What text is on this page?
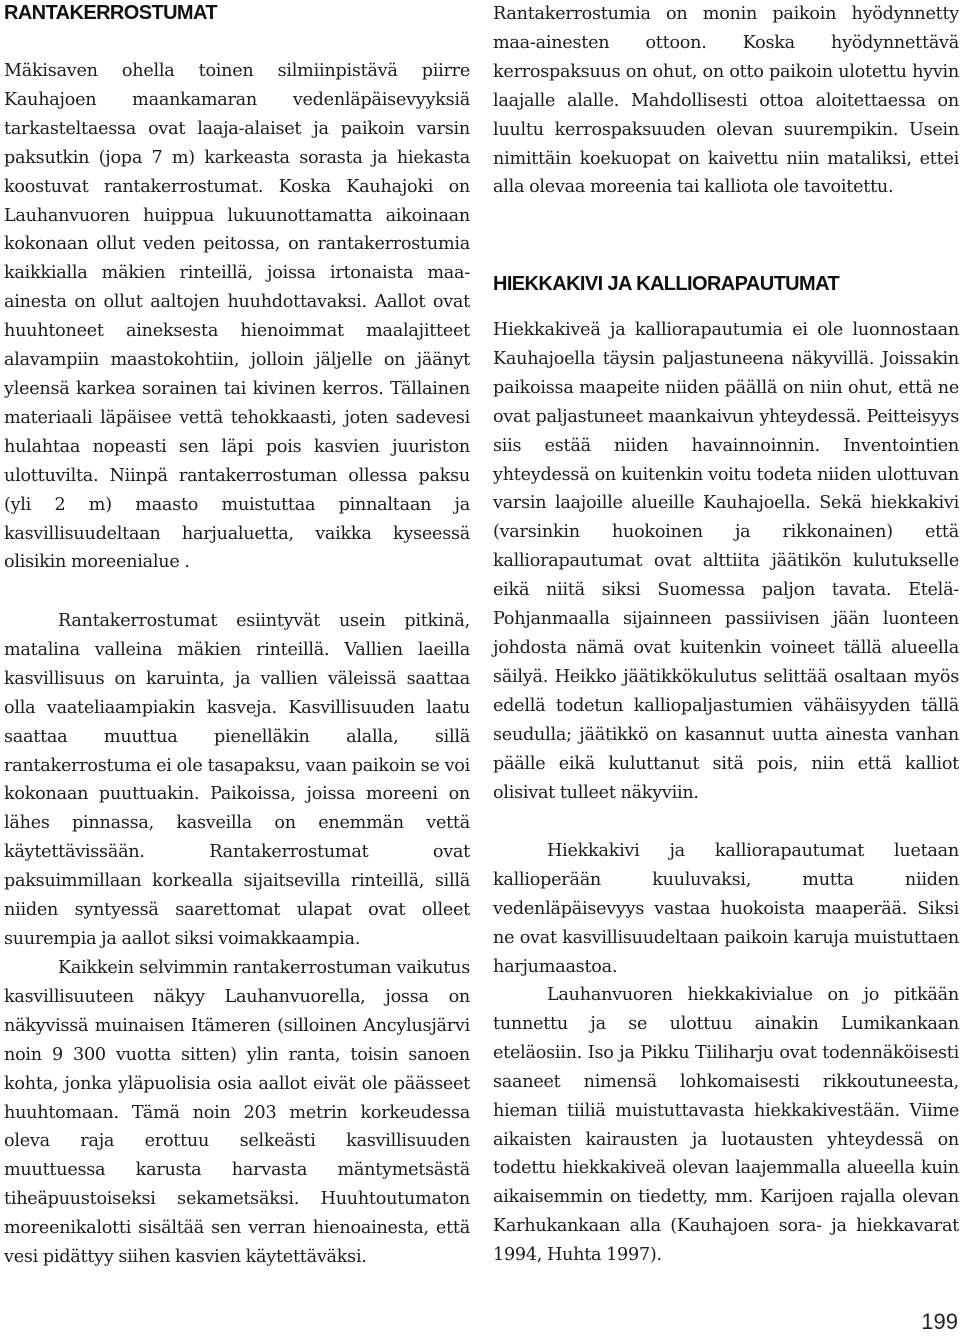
RANTAKERROSTUMAT

Mäkisaven ohella toinen silmiinpistävä piirre Kauhajoen maankamaran vedenläpäisevyyksiä tarkasteltaessa ovat laaja-alaiset ja paikoin varsin paksutkin (jopa 7 m) karkeasta sorasta ja hiekasta koostuvat rantakerrostumat. Koska Kauhajoki on Lauhanvuoren huippua lukuunottamatta aikoinaan kokonaan ollut veden peitossa, on rantakerrostumia kaikkialla mäkien rinteillä, joissa irtonaista maa-ainesta on ollut aaltojen huuhdottavaksi. Aallot ovat huuhtoneet aineksesta hienoimmat maalajitteet alavampiin maastokohtiin, jolloin jäljelle on jäänyt yleensä karkea sorainen tai kivinen kerros. Tällainen materiaali läpäisee vettä tehokkaasti, joten sadevesi hulahtaa nopeasti sen läpi pois kasvien juuriston ulottuvilta. Niinpä rantakerrostuman ollessa paksu (yli 2 m) maasto muistuttaa pinnaltaan ja kasvillisuudeltaan harjualuetta, vaikka kyseessä olisikin moreenialue .

Rantakerrostumat esiintyvät usein pitkinä, matalina valleina mäkien rinteillä. Vallien laeilla kasvillisuus on karuinta, ja vallien väleissä saattaa olla vaateliaampiakin kasveja. Kasvillisuuden laatu saattaa muuttua pienelläkin alalla, sillä rantakerrostuma ei ole tasapaksu, vaan paikoin se voi kokonaan puuttuakin. Paikoissa, joissa moreeni on lähes pinnassa, kasveilla on enemmän vettä käytettävissään. Rantakerrostumat ovat paksuimmillaan korkealla sijaitsevilla rinteillä, sillä niiden syntyessä saarettomat ulapat ovat olleet suurempia ja aallot siksi voimakkaampia.

Kaikkein selvimmin rantakerrostuman vaikutus kasvillisuuteen näkyy Lauhanvuorella, jossa on näkyvissä muinaisen Itämeren (silloinen Ancylusjärvi noin 9 300 vuotta sitten) ylin ranta, toisin sanoen kohta, jonka yläpuolisia osia aallot eivät ole päässeet huuhtomaan. Tämä noin 203 metrin korkeudessa oleva raja erottuu selkeästi kasvillisuuden muuttuessa karusta harvasta mäntymetsästä tiheäpuustoiseksi sekametsäksi. Huuhtoutumaton moreenikalotti sisältää sen verran hienoainesta, että vesi pidättyy siihen kasvien käytettäväksi.

Rantakerrostumia on monin paikoin hyödynnetty maa-ainesten ottoon. Koska hyödynnettävä kerrospaksuus on ohut, on otto paikoin ulotettu hyvin laajalle alalle. Mahdollisesti ottoa aloitettaessa on luultu kerrospaksuuden olevan suurempikin. Usein nimittäin koekuopat on kaivettu niin mataliksi, ettei alla olevaa moreenia tai kalliota ole tavoitettu.

HIEKKAKIVI JA KALLIORAPAUTUMAT

Hiekkakiveä ja kalliorapautumia ei ole luonnostaan Kauhajoella täysin paljastuneena näkyvillä. Joissakin paikoissa maapeite niiden päällä on niin ohut, että ne ovat paljastuneet maankaivun yhteydessä. Peitteisyys siis estää niiden havainnoinnin. Inventointien yhteydessä on kuitenkin voitu todeta niiden ulottuvan varsin laajoille alueille Kauhajoella. Sekä hiekkakivi (varsinkin huokoinen ja rikkonainen) että kalliorapautumat ovat alttiita jäätikön kulutukselle eikä niitä siksi Suomessa paljon tavata. Etelä-Pohjanmaalla sijainneen passiivisen jään luonteen johdosta nämä ovat kuitenkin voineet tällä alueella säilyä. Heikko jäätikkökulutus selittää osaltaan myös edellä todetun kalliopaljastumien vähäisyyden tällä seudulla; jäätikkö on kasannut uutta ainesta vanhan päälle eikä kuluttanut sitä pois, niin että kalliot olisivat tulleet näkyviin.

Hiekkakivi ja kalliorapautumat luetaan kallioperään kuuluvaksi, mutta niiden vedenläpäisevyys vastaa huokoista maaperää. Siksi ne ovat kasvillisuudeltaan paikoin karuja muistuttaen harjumaastoa.

Lauhanvuoren hiekkakivialue on jo pitkään tunnettu ja se ulottuu ainakin Lumikankaan eteläosiin. Iso ja Pikku Tiiliharju ovat todennäköisesti saaneet nimensä lohkomaisesti rikkoutuneesta, hieman tiiliä muistuttavasta hiekkakivestään. Viime aikaisten kairausten ja luotausten yhteydessä on todettu hiekkakiveä olevan laajemmalla alueella kuin aikaisemmin on tiedetty, mm. Karijoen rajalla olevan Karhukankaan alla (Kauhajoen sora- ja hiekkavarat 1994, Huhta 1997).

199
